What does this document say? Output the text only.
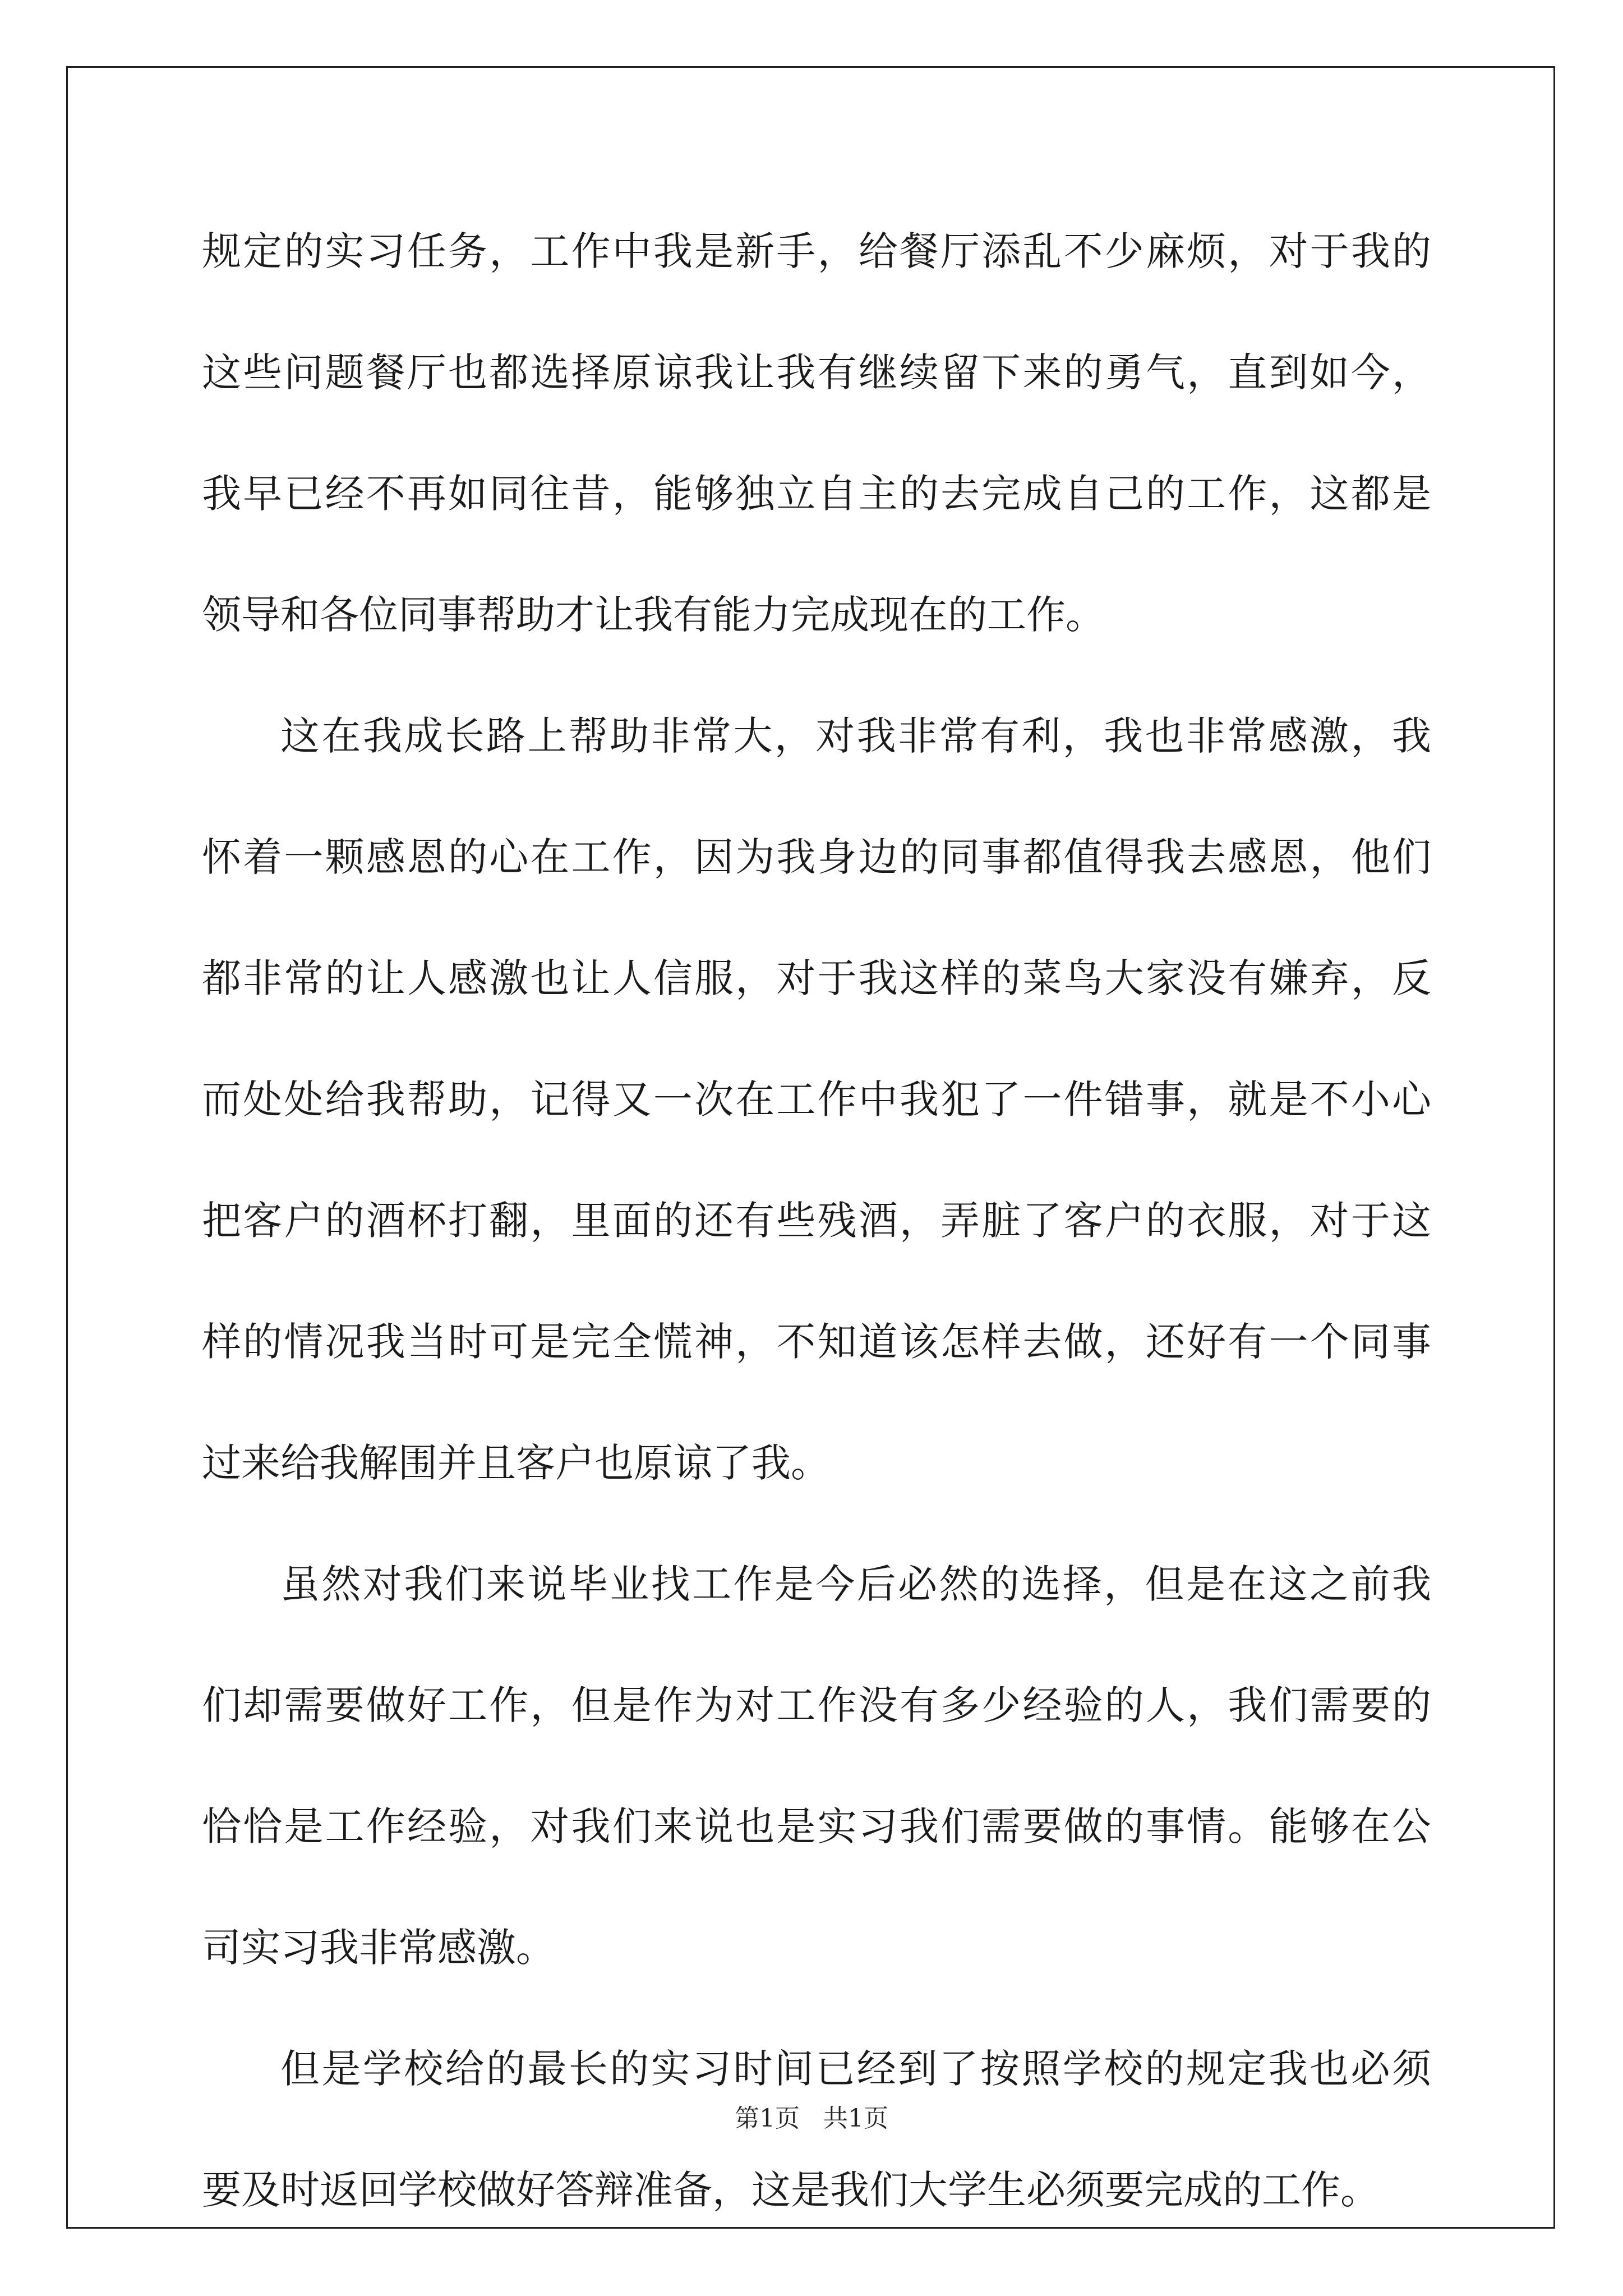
规定的实习任务，工作中我是新手，给餐厅添乱不少麻烦，对于我的
这些问题餐厅也都选择原谅我让我有继续留下来的勇气，直到如今，
我早已经不再如同往昔，能够独立自主的去完成自己的工作，这都是
领导和各位同事帮助才让我有能力完成现在的工作。
这在我成长路上帮助非常大，对我非常有利，我也非常感激，我
怀着一颗感恩的心在工作，因为我身边的同事都值得我去感恩，他们
都非常的让人感激也让人信服，对于我这样的菜鸟大家没有嫌弃，反
而处处给我帮助，记得又一次在工作中我犯了一件错事，就是不小心
把客户的酒杯打翻，里面的还有些残酒，弄脏了客户的衣服，对于这
样的情况我当时可是完全慌神，不知道该怎样去做，还好有一个同事
过来给我解围并且客户也原谅了我。
虽然对我们来说毕业找工作是今后必然的选择，但是在这之前我
们却需要做好工作，但是作为对工作没有多少经验的人，我们需要的
恰恰是工作经验，对我们来说也是实习我们需要做的事情。能够在公
司实习我非常感激。
但是学校给的最长的实习时间已经到了按照学校的规定我也必须
要及时返回学校做好答辩准备，这是我们大学生必须要完成的工作。
第1页 共1页
